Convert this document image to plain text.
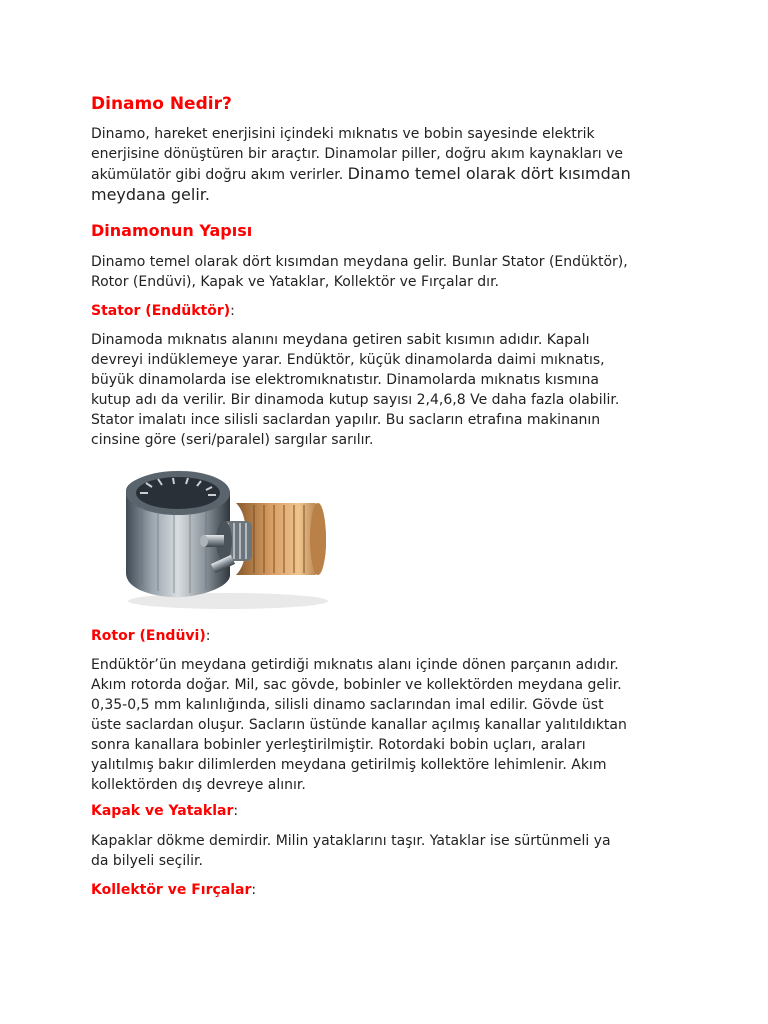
Dinamo Nedir?

Dinamo, hareket enerjisini içindeki mıknatıs ve bobin sayesinde elektrik
enerjisine dönüştüren bir araçtır. Dinamolar piller, doğru akım kaynakları ve
akümülatör gibi doğru akım verirler. Dinamo temel olarak dört kısımdan
meydana gelir.

Dinamonun Yapısı

Dinamo temel olarak dört kısımdan meydana gelir. Bunlar Stator (Endüktör),
Rotor (Endüvi), Kapak ve Yataklar, Kollektör ve Fırçalar dır.

Stator (Endüktör):

Dinamoda mıknatıs alanını meydana getiren sabit kısımın adıdır. Kapalı
devreyi indüklemeye yarar. Endüktör, küçük dinamolarda daimi mıknatıs,
büyük dinamolarda ise elektromıknatıstır. Dinamolarda mıknatıs kısmına
kutup adı da verilir. Bir dinamoda kutup sayısı 2,4,6,8 Ve daha fazla olabilir.
Stator imalatı ince silisli saclardan yapılır. Bu sacların etrafına makinanın
cinsine göre (seri/paralel) sargılar sarılır.

Rotor (Endüvi):

Endüktör’ün meydana getirdiği mıknatıs alanı içinde dönen parçanın adıdır.
Akım rotorda doğar. Mil, sac gövde, bobinler ve kollektörden meydana gelir.
0,35-0,5 mm kalınlığında, silisli dinamo saclarından imal edilir. Gövde üst
üste saclardan oluşur. Sacların üstünde kanallar açılmış kanallar yalıtıldıktan
sonra kanallara bobinler yerleştirilmiştir. Rotordaki bobin uçları, araları
yalıtılmış bakır dilimlerden meydana getirilmiş kollektöre lehimlenir. Akım
kollektörden dış devreye alınır.

Kapak ve Yataklar:

Kapaklar dökme demirdir. Milin yataklarını taşır. Yataklar ise sürtünmeli ya
da bilyeli seçilir.

Kollektör ve Fırçalar:
